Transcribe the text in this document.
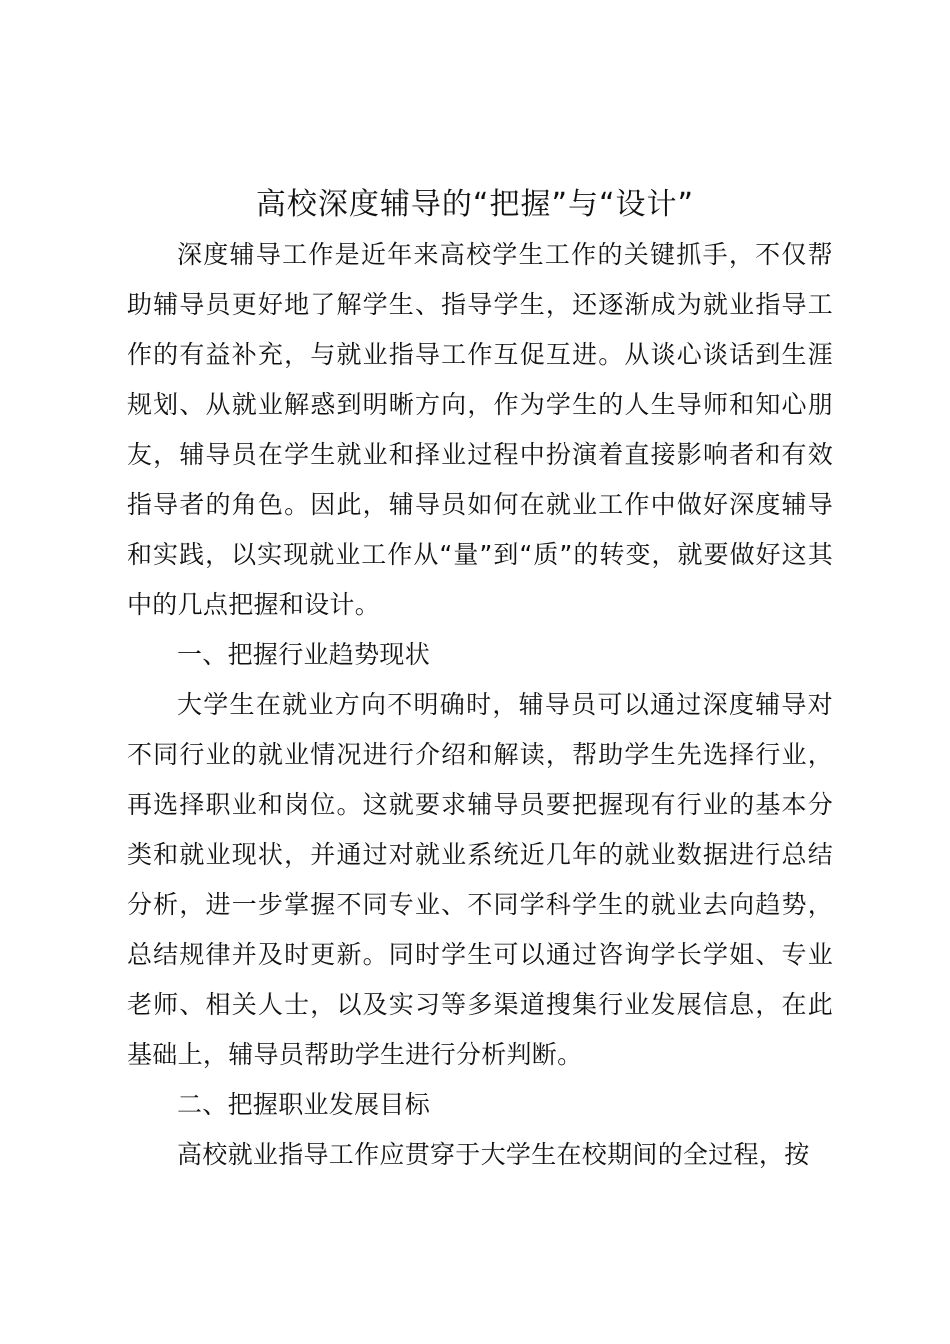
高校深度辅导的“把握”与“设计”

深度辅导工作是近年来高校学生工作的关键抓手，不仅帮助辅导员更好地了解学生、指导学生，还逐渐成为就业指导工作的有益补充，与就业指导工作互促互进。从谈心谈话到生涯规划、从就业解惑到明晰方向，作为学生的人生导师和知心朋友，辅导员在学生就业和择业过程中扮演着直接影响者和有效指导者的角色。因此，辅导员如何在就业工作中做好深度辅导和实践，以实现就业工作从“量”到“质”的转变，就要做好这其中的几点把握和设计。

一、把握行业趋势现状

大学生在就业方向不明确时，辅导员可以通过深度辅导对不同行业的就业情况进行介绍和解读，帮助学生先选择行业，再选择职业和岗位。这就要求辅导员要把握现有行业的基本分类和就业现状，并通过对就业系统近几年的就业数据进行总结分析，进一步掌握不同专业、不同学科学生的就业去向趋势，总结规律并及时更新。同时学生可以通过咨询学长学姐、专业老师、相关人士，以及实习等多渠道搜集行业发展信息，在此基础上，辅导员帮助学生进行分析判断。

二、把握职业发展目标

高校就业指导工作应贯穿于大学生在校期间的全过程，按
